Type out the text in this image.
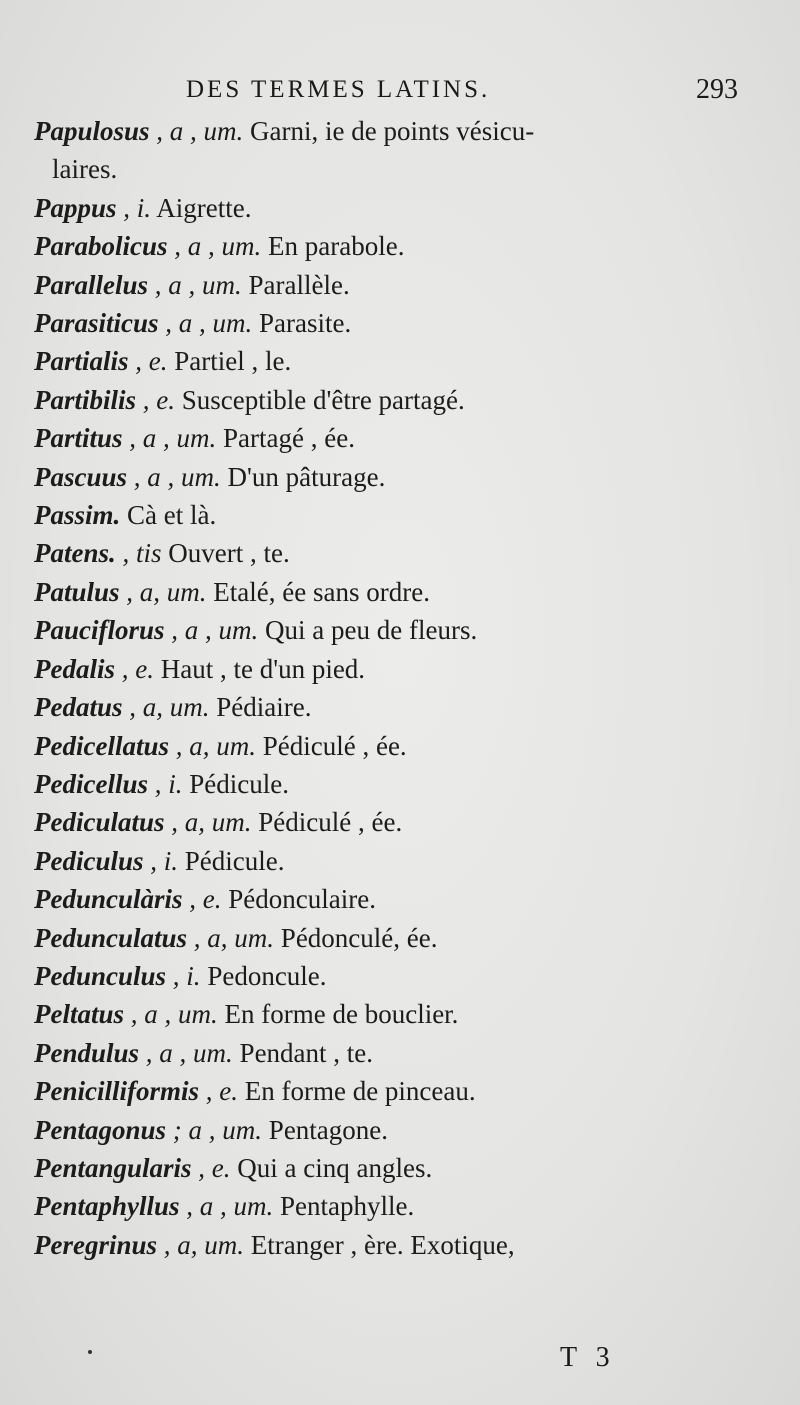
DES TERMES LATINS.	293
Papulosus , a , um. Garni, ie de points vésicu-
laires.
Pappus , i. Aigrette.
Parabolicus , a , um. En parabole.
Parallelus , a , um. Parallèle.
Parasiticus , a , um. Parasite.
Partialis , e. Partiel , le.
Partibilis , e. Susceptible d'être partagé.
Partitus , a , um. Partagé , ée.
Pascuus , a , um. D'un pâturage.
Passim. Cà et là.
Patens. , tis Ouvert , te.
Patulus , a, um. Etalé, ée sans ordre.
Pauciflorus , a , um. Qui a peu de fleurs.
Pedalis , e. Haut , te d'un pied.
Pedatus , a, um. Pédiaire.
Pedicellatus , a, um. Pédiculé , ée.
Pedicellus , i. Pédicule.
Pediculatus , a, um. Pédiculé , ée.
Pediculus , i. Pédicule.
Pedunculàris , e. Pédonculaire.
Pedunculatus , a, um. Pédonculé, ée.
Pedunculus , i. Pedoncule.
Peltatus , a , um. En forme de bouclier.
Pendulus , a , um. Pendant , te.
Penicilliformis , e. En forme de pinceau.
Pentagonus ; a , um. Pentagone.
Pentangularis , e. Qui a cinq angles.
Pentaphyllus , a , um. Pentaphylle.
Peregrinus , a, um. Etranger , ère. Exotique,
T 3
